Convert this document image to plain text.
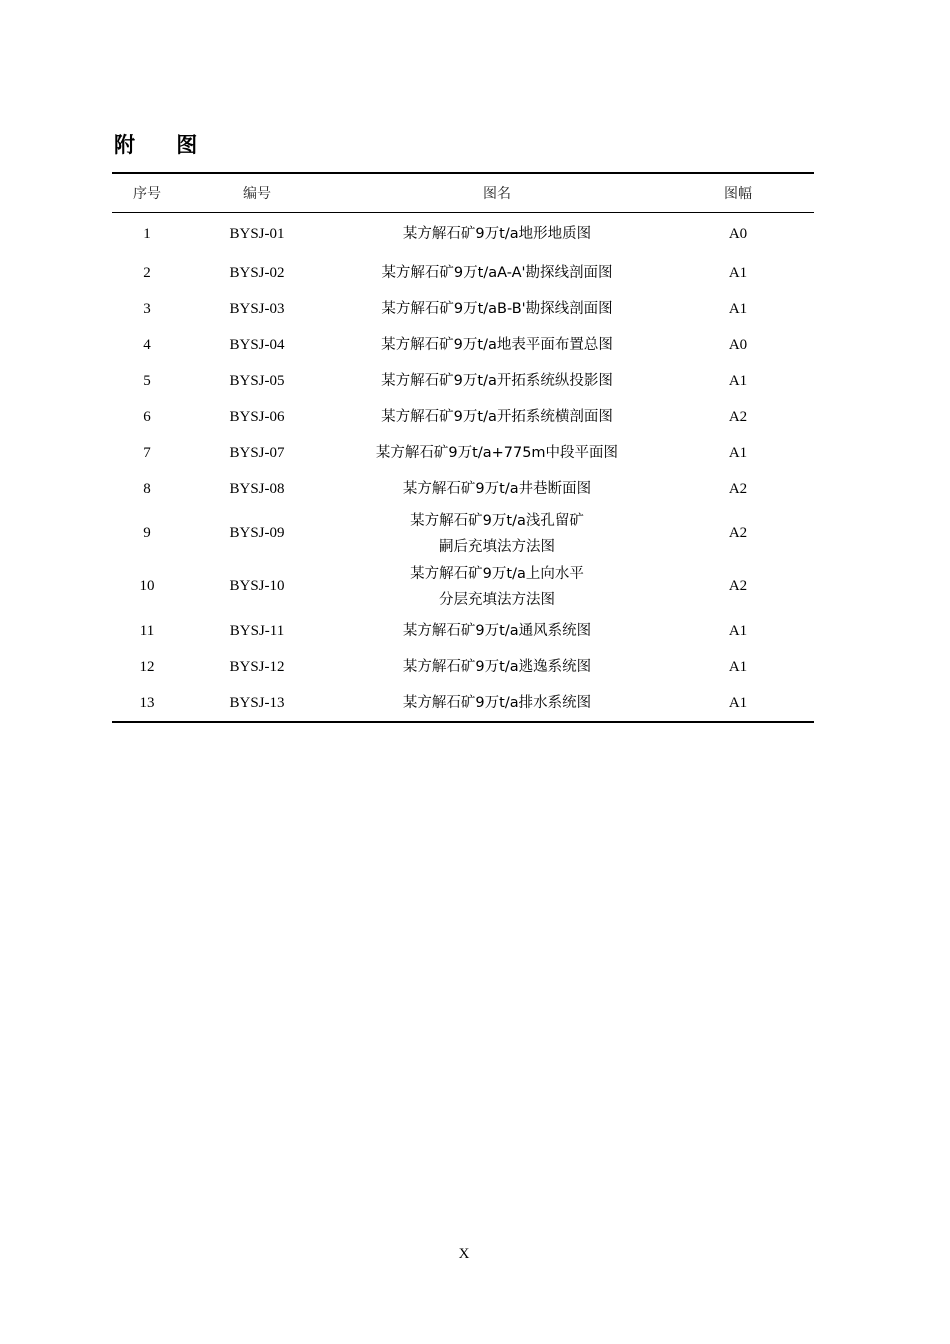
附 图
序号	编号	图名	图幅
1	BYSJ-01	某方解石矿9万t/a地形地质图	A0
2	BYSJ-02	某方解石矿9万t/aA-A'勘探线剖面图	A1
3	BYSJ-03	某方解石矿9万t/aB-B'勘探线剖面图	A1
4	BYSJ-04	某方解石矿9万t/a地表平面布置总图	A0
5	BYSJ-05	某方解石矿9万t/a开拓系统纵投影图	A1
6	BYSJ-06	某方解石矿9万t/a开拓系统横剖面图	A2
7	BYSJ-07	某方解石矿9万t/a+775m中段平面图	A1
8	BYSJ-08	某方解石矿9万t/a井巷断面图	A2
9	BYSJ-09	某方解石矿9万t/a浅孔留矿
嗣后充填法方法图	A2
10	BYSJ-10	某方解石矿9万t/a上向水平
分层充填法方法图	A2
11	BYSJ-11	某方解石矿9万t/a通风系统图	A1
12	BYSJ-12	某方解石矿9万t/a逃逸系统图	A1
13	BYSJ-13	某方解石矿9万t/a排水系统图	A1
X
